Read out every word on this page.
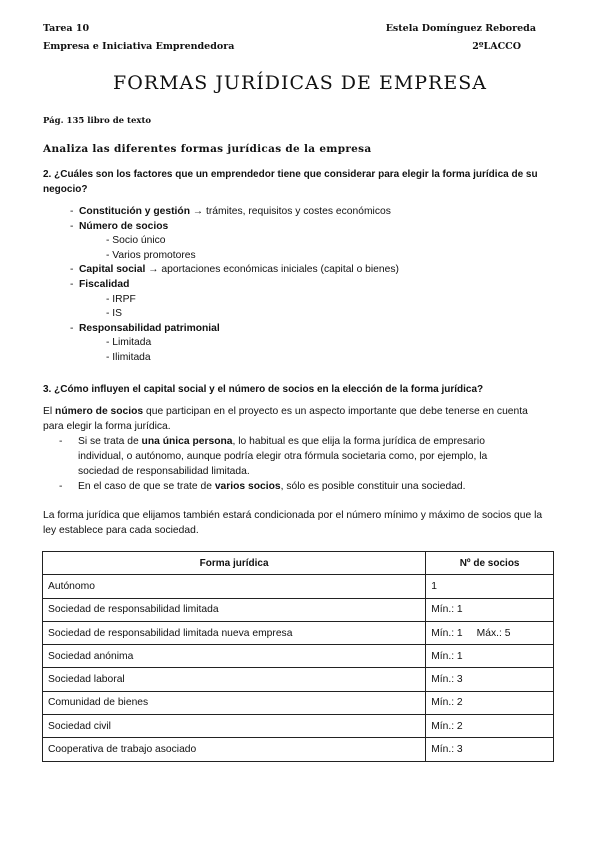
Tarea 10
Empresa e Iniciativa Emprendedora
Estela Domínguez Reboreda
2ºLACCO
FORMAS JURÍDICAS DE EMPRESA
Pág. 135 libro de texto
Analiza las diferentes formas jurídicas de la empresa
2. ¿Cuáles son los factores que un emprendedor tiene que considerar para elegir la forma jurídica de su negocio?
- Constitución y gestión → trámites, requisitos y costes económicos
- Número de socios
- Socio único
- Varios promotores
- Capital social → aportaciones económicas iniciales (capital o bienes)
- Fiscalidad
- IRPF
- IS
- Responsabilidad patrimonial
- Limitada
- Ilimitada
3. ¿Cómo influyen el capital social y el número de socios en la elección de la forma jurídica?
El número de socios que participan en el proyecto es un aspecto importante que debe tenerse en cuenta para elegir la forma jurídica.
- Si se trata de una única persona, lo habitual es que elija la forma jurídica de empresario individual, o autónomo, aunque podría elegir otra fórmula societaria como, por ejemplo, la sociedad de responsabilidad limitada.
- En el caso de que se trate de varios socios, sólo es posible constituir una sociedad.
La forma jurídica que elijamos también estará condicionada por el número mínimo y máximo de socios que la ley establece para cada sociedad.
Forma jurídica	Nº de socios
Autónomo	1
Sociedad de responsabilidad limitada	Mín.: 1
Sociedad de responsabilidad limitada nueva empresa	Mín.: 1 Máx.: 5
Sociedad anónima	Mín.: 1
Sociedad laboral	Mín.: 3
Comunidad de bienes	Mín.: 2
Sociedad civil	Mín.: 2
Cooperativa de trabajo asociado	Mín.: 3
